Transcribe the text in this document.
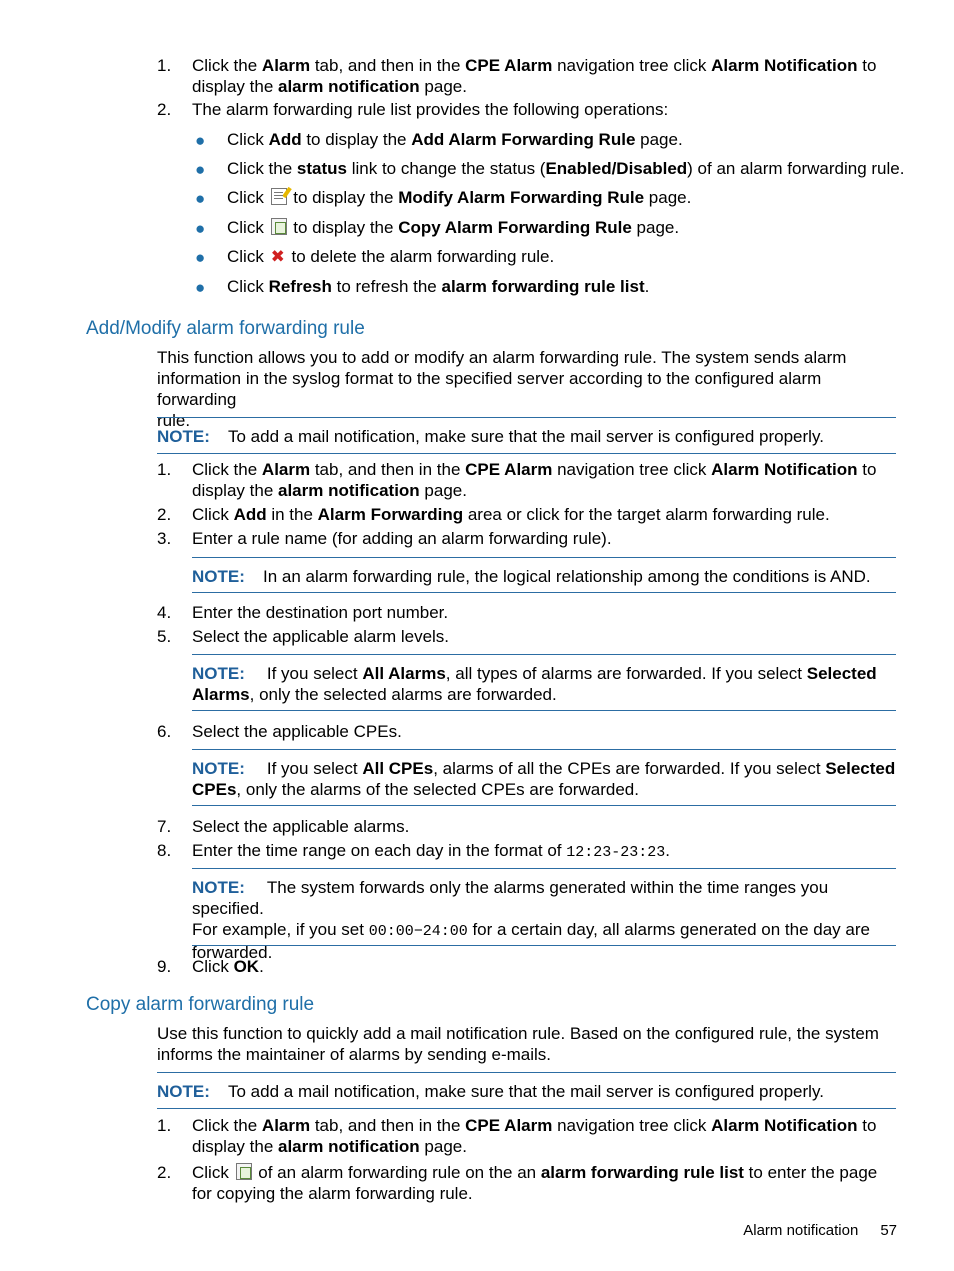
1.	Click the Alarm tab, and then in the CPE Alarm navigation tree click Alarm Notification to
display the alarm notification page.
2.	The alarm forwarding rule list provides the following operations:
● Click Add to display the Add Alarm Forwarding Rule page.
● Click the status link to change the status (Enabled/Disabled) of an alarm forwarding rule.
● Click  to display the Modify Alarm Forwarding Rule page.
● Click  to display the Copy Alarm Forwarding Rule page.
● Click ✖ to delete the alarm forwarding rule.
● Click Refresh to refresh the alarm forwarding rule list.
Add/Modify alarm forwarding rule
This function allows you to add or modify an alarm forwarding rule. The system sends alarm
information in the syslog format to the specified server according to the configured alarm forwarding
rule.
NOTE: To add a mail notification, make sure that the mail server is configured properly.
1.	Click the Alarm tab, and then in the CPE Alarm navigation tree click Alarm Notification to
display the alarm notification page.
2.	Click Add in the Alarm Forwarding area or click for the target alarm forwarding rule.
3.	Enter a rule name (for adding an alarm forwarding rule).
NOTE: In an alarm forwarding rule, the logical relationship among the conditions is AND.
4.	Enter the destination port number.
5.	Select the applicable alarm levels.
NOTE: If you select All Alarms, all types of alarms are forwarded. If you select Selected
Alarms, only the selected alarms are forwarded.
6.	Select the applicable CPEs.
NOTE: If you select All CPEs, alarms of all the CPEs are forwarded. If you select Selected
CPEs, only the alarms of the selected CPEs are forwarded.
7.	Select the applicable alarms.
8.	Enter the time range on each day in the format of 12:23-23:23.
NOTE: The system forwards only the alarms generated within the time ranges you specified.
For example, if you set 00:00−24:00 for a certain day, all alarms generated on the day are
forwarded.
9.	Click OK.
Copy alarm forwarding rule
Use this function to quickly add a mail notification rule. Based on the configured rule, the system
informs the maintainer of alarms by sending e-mails.
NOTE: To add a mail notification, make sure that the mail server is configured properly.
1.	Click the Alarm tab, and then in the CPE Alarm navigation tree click Alarm Notification to
display the alarm notification page.
2.	Click  of an alarm forwarding rule on the an alarm forwarding rule list to enter the page
for copying the alarm forwarding rule.
Alarm notification 57
